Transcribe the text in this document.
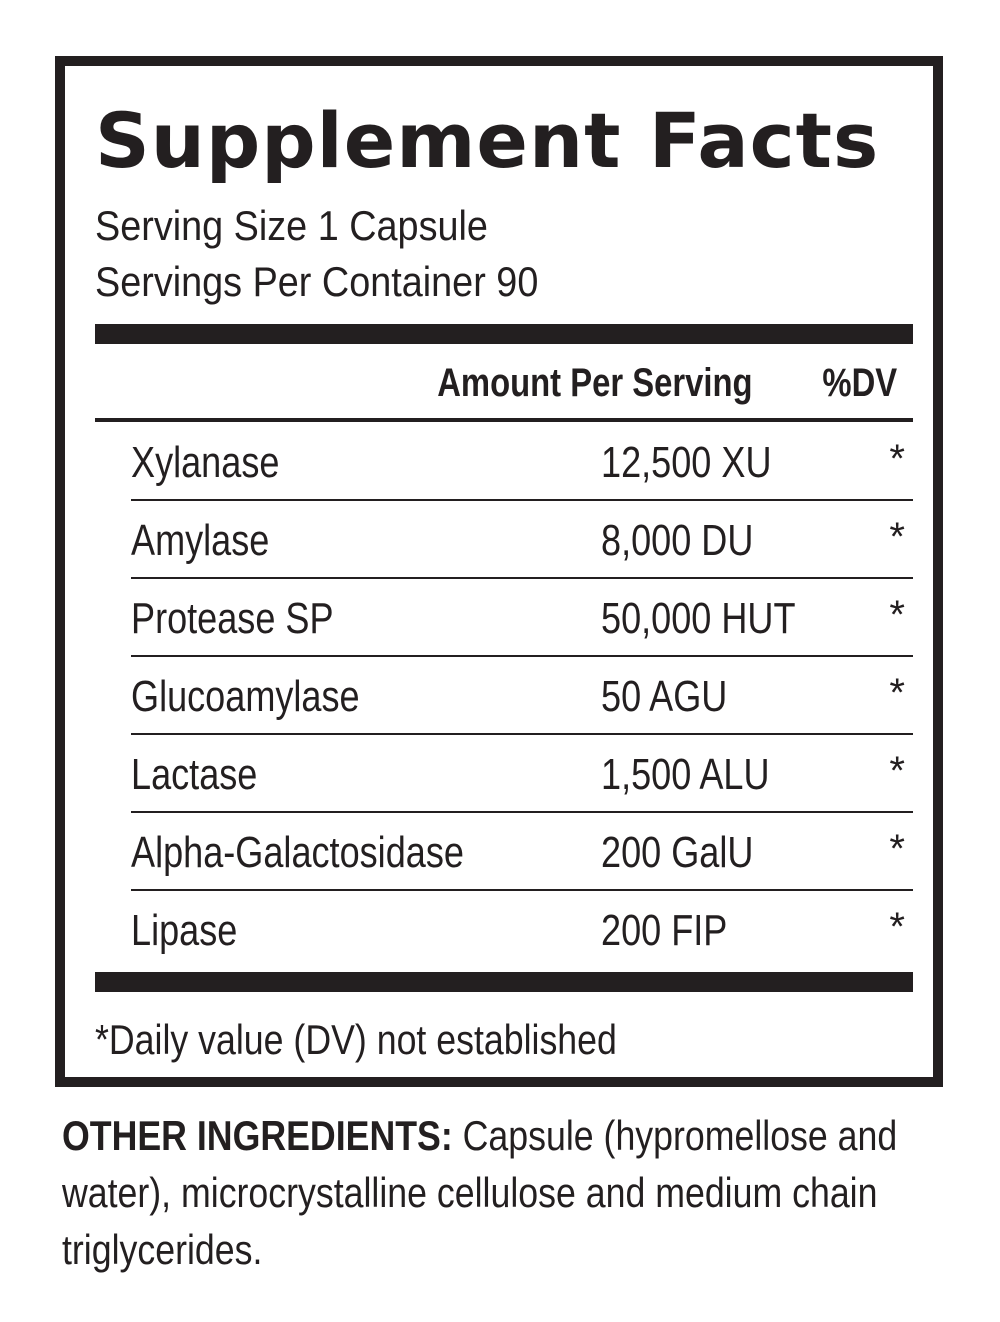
Supplement Facts
Serving Size 1 Capsule
Servings Per Container 90
Amount Per Serving %DV
Xylanase	12,500 XU	*
Amylase	8,000 DU	*
Protease SP	50,000 HUT *
Glucoamylase	50 AGU	*
Lactase	1,500 ALU	*
Alpha-Galactosidase	200 GalU	*
Lipase	200 FIP	*
*Daily value (DV) not established
OTHER INGREDIENTS: Capsule (hypromellose and water), microcrystalline cellulose and medium chain triglycerides.
